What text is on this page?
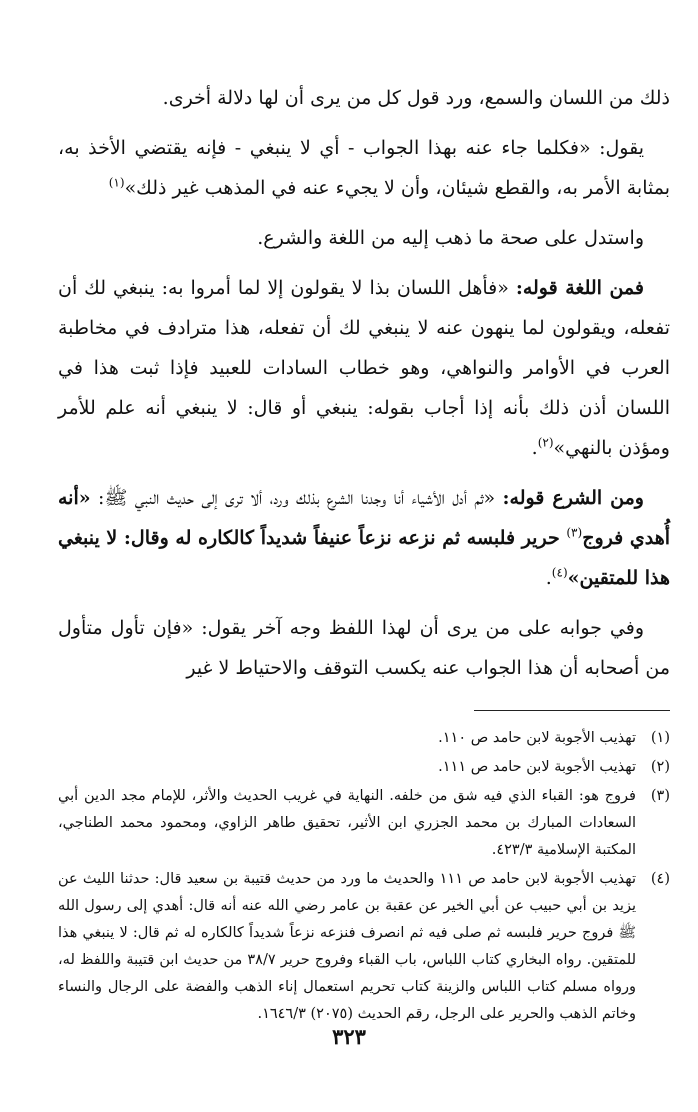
ذلك من اللسان والسمع، ورد قول كل من يرى أن لها دلالة أخرى.

يقول: «فكلما جاء عنه بهذا الجواب - أي لا ينبغي - فإنه يقتضي الأخذ به، بمثابة الأمر به، والقطع شيئان، وأن لا يجيء عنه في المذهب غير ذلك»$^{(١)}$

واستدل على صحة ما ذهب إليه من اللغة والشرع.

فمن اللغة قوله: «فأهل اللسان بذا لا يقولون إلا لما أمروا به: ينبغي لك أن تفعله، ويقولون لما ينهون عنه لا ينبغي لك أن تفعله، هذا مترادف في مخاطبة العرب في الأوامر والنواهي، وهو خطاب السادات للعبيد فإذا ثبت هذا في اللسان أذن ذلك بأنه إذا أجاب بقوله: ينبغي أو قال: لا ينبغي أنه علم للأمر ومؤذن بالنهي»$^{(٢)}$.

ومن الشرع قوله: «ثم أدل الأشياء أنا وجدنا الشرع بذلك ورد، ألا ترى إلى حديث النبي ﷺ: «أنه أُهدي فروج$^{(٣)}$ حرير فلبسه ثم نزعه نزعاً عنيفاً شديداً كالكاره له وقال: لا ينبغي هذا للمتقين»$^{(٤)}$.

وفي جوابه على من يرى أن لهذا اللفظ وجه آخر يقول: «فإن تأول متأول من أصحابه أن هذا الجواب عنه يكسب التوقف والاحتياط لا غير

(١)
تهذيب الأجوبة لابن حامد ص ١١٠.
(٢)
تهذيب الأجوبة لابن حامد ص ١١١.
(٣)
فروج هو: القباء الذي فيه شق من خلفه. النهاية في غريب الحديث والأثر، للإمام مجد الدين أبي السعادات المبارك بن محمد الجزري ابن الأثير، تحقيق طاهر الزاوي، ومحمود محمد الطناجي، المكتبة الإسلامية ٤٢٣/٣.
(٤)
تهذيب الأجوبة لابن حامد ص ١١١ والحديث ما ورد من حديث قتيبة بن سعيد قال: حدثنا الليث عن يزيد بن أبي حبيب عن أبي الخير عن عقبة بن عامر رضي الله عنه أنه قال: أهدي إلى رسول الله ﷺ فروج حرير فلبسه ثم صلى فيه ثم انصرف فنزعه نزعاً شديداً كالكاره له ثم قال: لا ينبغي هذا للمتقين. رواه البخاري كتاب اللباس، باب القباء وفروج حرير ٣٨/٧ من حديث ابن قتيبة واللفظ له، ورواه مسلم كتاب اللباس والزينة كتاب تحريم استعمال إناء الذهب والفضة على الرجال والنساء وخاتم الذهب والحرير على الرجل، رقم الحديث (٢٠٧٥) ١٦٤٦/٣.
٣٢٣
